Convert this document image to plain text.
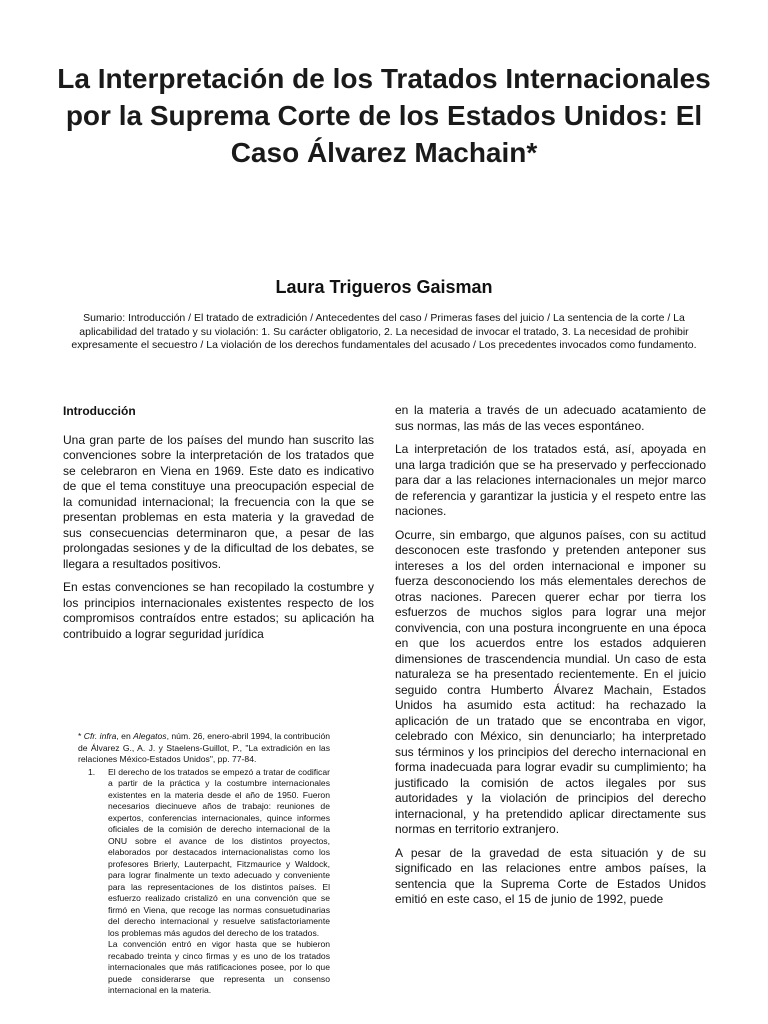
La Interpretación de los Tratados Internacionales por la Suprema Corte de los Estados Unidos: El Caso Álvarez Machain*
Laura Trigueros Gaisman

Sumario: Introducción / El tratado de extradición / Antecedentes del caso / Primeras fases del juicio / La sentencia de la corte / La aplicabilidad del tratado y su violación: 1. Su carácter obligatorio, 2. La necesidad de invocar el tratado, 3. La necesidad de prohibir expresamente el secuestro / La violación de los derechos fundamentales del acusado / Los precedentes invocados como fundamento.

Introducción

Una gran parte de los países del mundo han suscrito las convenciones sobre la interpretación de los tratados que se celebraron en Viena en 1969. Este dato es indicativo de que el tema constituye una preocupación especial de la comunidad internacional; la frecuencia con la que se presentan problemas en esta materia y la gravedad de sus consecuencias determinaron que, a pesar de las prolongadas sesiones y de la dificultad de los debates, se llegara a resultados positivos.

En estas convenciones se han recopilado la costumbre y los principios internacionales existentes respecto de los compromisos contraídos entre estados; su aplicación ha contribuido a lograr seguridad jurídica

en la materia a través de un adecuado acatamiento de sus normas, las más de las veces espontáneo.

La interpretación de los tratados está, así, apoyada en una larga tradición que se ha preservado y perfeccionado para dar a las relaciones internacionales un mejor marco de referencia y garantizar la justicia y el respeto entre las naciones.

Ocurre, sin embargo, que algunos países, con su actitud desconocen este trasfondo y pretenden anteponer sus intereses a los del orden internacional e imponer su fuerza desconociendo los más elementales derechos de otras naciones. Parecen querer echar por tierra los esfuerzos de muchos siglos para lograr una mejor convivencia, con una postura incongruente en una época en que los acuerdos entre los estados adquieren dimensiones de trascendencia mundial. Un caso de esta naturaleza se ha presentado recientemente. En el juicio seguido contra Humberto Álvarez Machain, Estados Unidos ha asumido esta actitud: ha rechazado la aplicación de un tratado que se encontraba en vigor, celebrado con México, sin denunciarlo; ha interpretado sus términos y los principios del derecho internacional en forma inadecuada para lograr evadir su cumplimiento; ha justificado la comisión de actos ilegales por sus autoridades y la violación de principios del derecho internacional, y ha pretendido aplicar directamente sus normas en territorio extranjero.

A pesar de la gravedad de esta situación y de su significado en las relaciones entre ambos países, la sentencia que la Suprema Corte de Estados Unidos emitió en este caso, el 15 de junio de 1992, puede

* Cfr. infra, en Alegatos, núm. 26, enero-abril 1994, la contribución de Álvarez G., A. J. y Staelens-Guillot, P., "La extradición en las relaciones México-Estados Unidos", pp. 77-84.

1.	El derecho de los tratados se empezó a tratar de codificar a partir de la práctica y la costumbre internacionales existentes en la materia desde el año de 1950. Fueron necesarios diecinueve años de trabajo: reuniones de expertos, conferencias internacionales, quince informes oficiales de la comisión de derecho internacional de la ONU sobre el avance de los distintos proyectos, elaborados por destacados internacionalistas como los profesores Brierly, Lauterpacht, Fitzmaurice y Waldock, para lograr finalmente un texto adecuado y conveniente para las representaciones de los distintos países. El esfuerzo realizado cristalizó en una convención que se firmó en Viena, que recoge las normas consuetudinarias del derecho internacional y resuelve satisfactoriamente los problemas más agudos del derecho de los tratados.

La convención entró en vigor hasta que se hubieron recabado treinta y cinco firmas y es uno de los tratados internacionales que más ratificaciones posee, por lo que puede considerarse que representa un consenso internacional en la materia.
